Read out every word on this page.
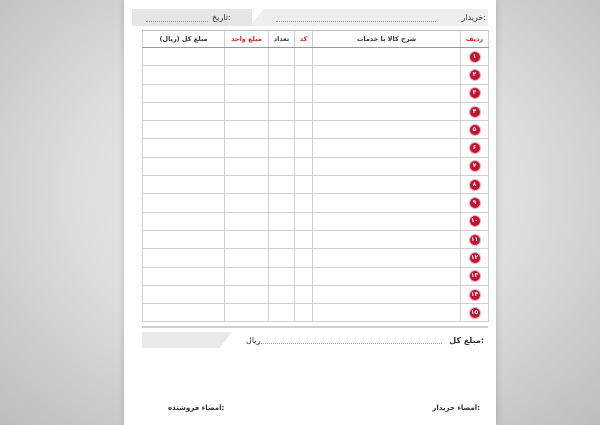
خریدار:
تاریخ:
مبلغ کل (ریال)	مبلغ واحد	تعداد	کد	شرح کالا یا خدمات	ردیف
					۱
					۲
					۳
					۴
					۵
					۶
					۷
					۸
					۹
					۱۰
					۱۱
					۱۲
					۱۳
					۱۴
					۱۵
مبلغ کل:
ریال
امضاء خریدار:
امضاء فروشنده:
